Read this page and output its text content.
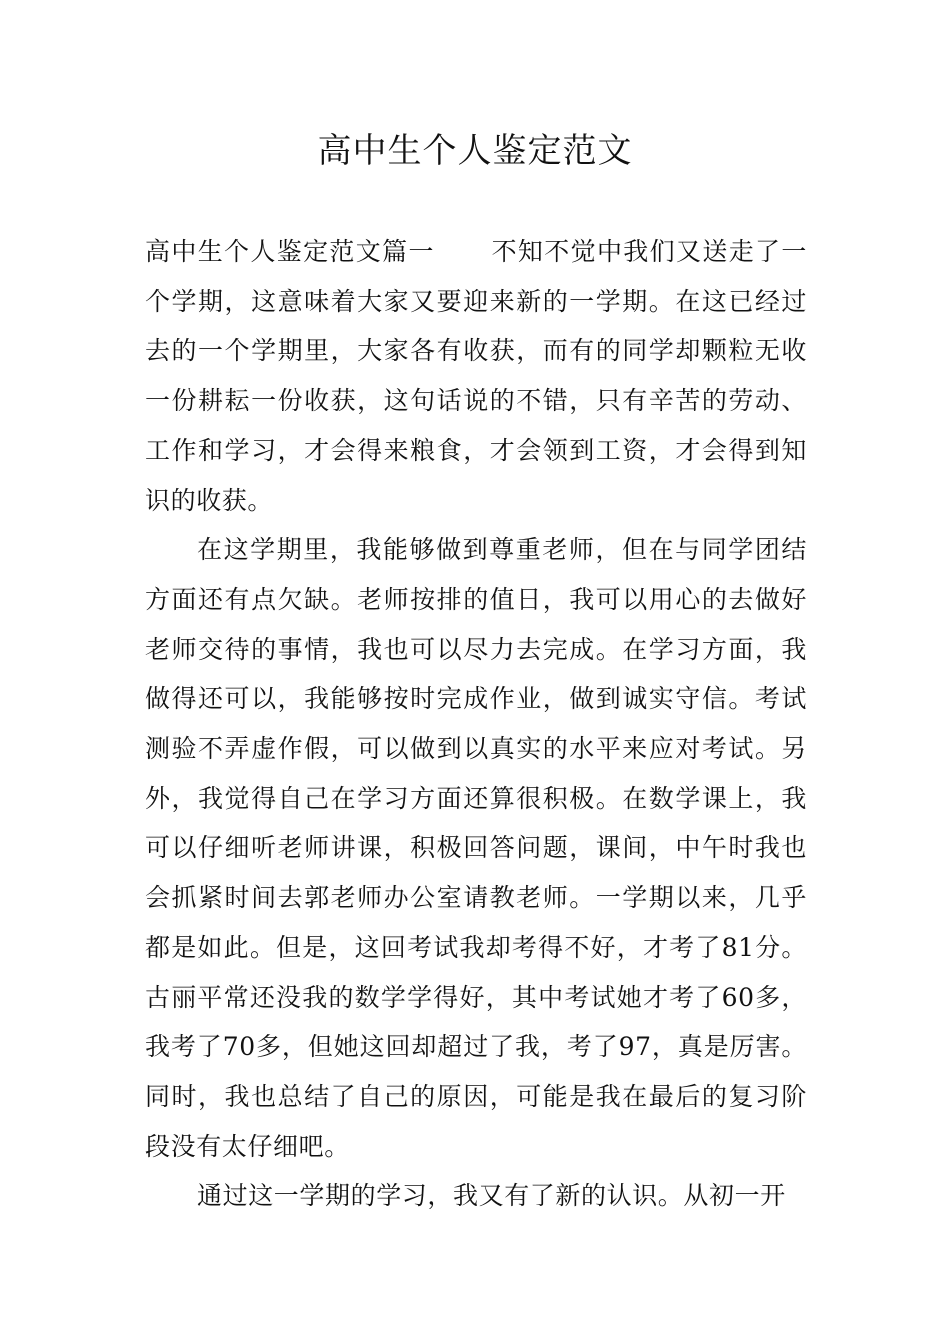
高中生个人鉴定范文

高中生个人鉴定范文篇一 不知不觉中我们又送走了一个学期，这意味着大家又要迎来新的一学期。在这已经过去的一个学期里，大家各有收获，而有的同学却颗粒无收一份耕耘一份收获，这句话说的不错，只有辛苦的劳动、工作和学习，才会得来粮食，才会领到工资，才会得到知识的收获。

在这学期里，我能够做到尊重老师，但在与同学团结方面还有点欠缺。老师按排的值日，我可以用心的去做好老师交待的事情，我也可以尽力去完成。在学习方面，我做得还可以，我能够按时完成作业，做到诚实守信。考试测验不弄虚作假，可以做到以真实的水平来应对考试。另外，我觉得自己在学习方面还算很积极。在数学课上，我可以仔细听老师讲课，积极回答问题，课间，中午时我也会抓紧时间去郭老师办公室请教老师。一学期以来，几乎都是如此。但是，这回考试我却考得不好，才考了81分。古丽平常还没我的数学学得好，其中考试她才考了60多，我考了70多，但她这回却超过了我，考了97，真是厉害。同时，我也总结了自己的原因，可能是我在最后的复习阶段没有太仔细吧。

通过这一学期的学习，我又有了新的认识。从初一开
